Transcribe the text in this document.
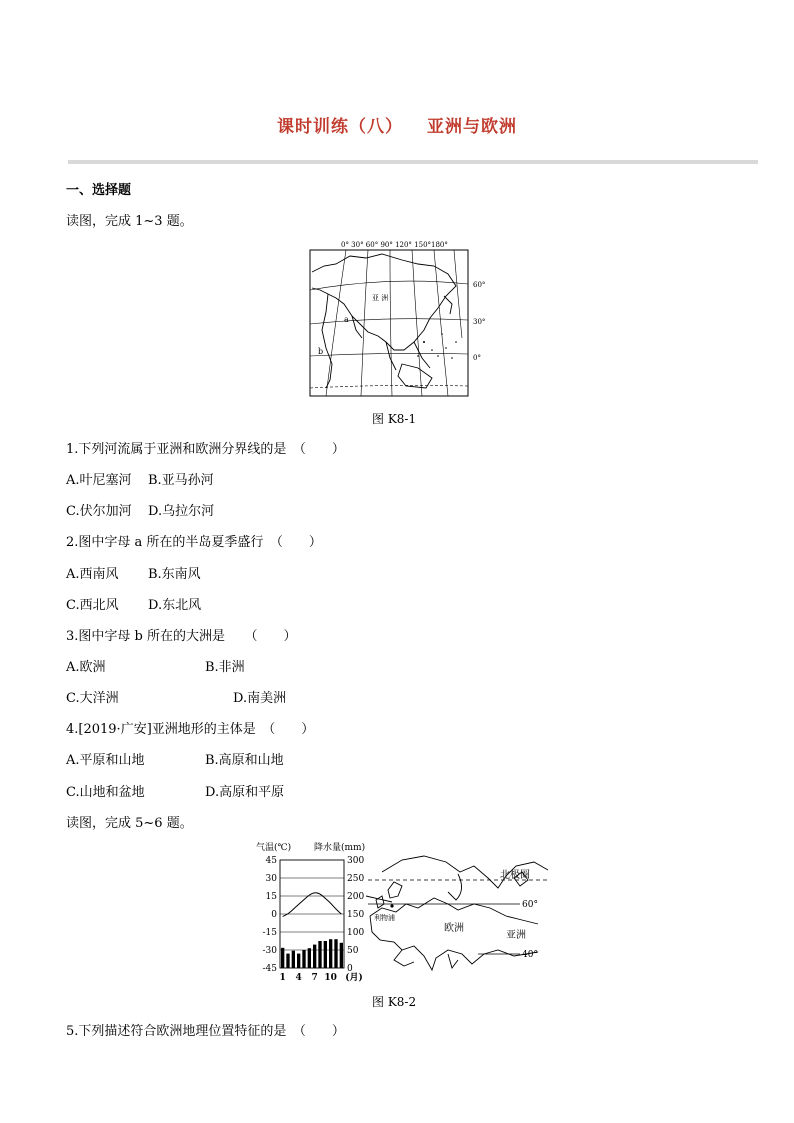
课时训练（八） 亚洲与欧洲
一、选择题
读图，完成 1~3 题。
0° 30° 60° 90° 120° 150°180°
亚 洲
a
b
60°
30°
0°
图 K8-1
1.下列河流属于亚洲和欧洲分界线的是　（　　）
A.叶尼塞河 B.亚马孙河
C.伏尔加河 D.乌拉尔河
2.图中字母 a 所在的半岛夏季盛行　（　　）
A.西南风 B.东南风
C.西北风 D.东北风
3.图中字母 b 所在的大洲是　　（　　）
A.欧洲	B.非洲
C.大洋洲	D.南美洲
4.[2019·广安]亚洲地形的主体是　（　　）
A.平原和山地	B.高原和山地
C.山地和盆地	D.高原和平原
读图，完成 5~6 题。
气温(℃)	降水量(mm)
45
30
15
0
-15
-30
-45
300
250
200
150
100
50
0
1 4 7 10 (月)
北极圈
60°
40°
欧洲
亚洲
利物浦
图 K8-2
5.下列描述符合欧洲地理位置特征的是　（　　）
